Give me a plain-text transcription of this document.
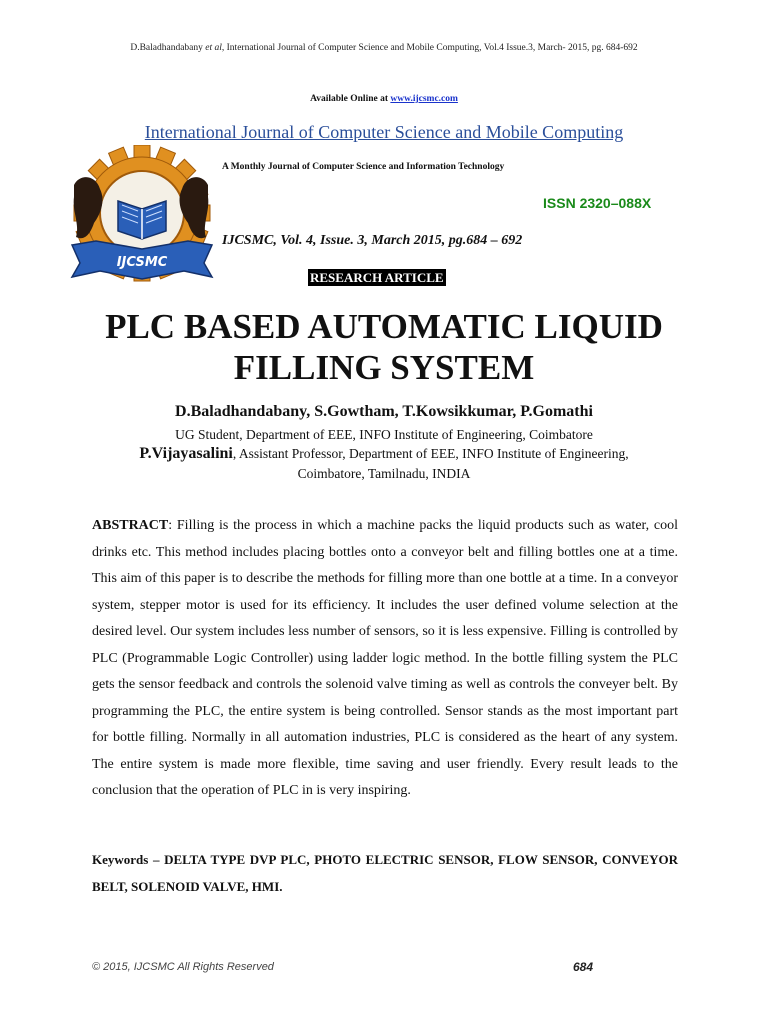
D.Baladhandabany et al, International Journal of Computer Science and Mobile Computing, Vol.4 Issue.3, March- 2015, pg. 684-692
Available Online at www.ijcsmc.com
International Journal of Computer Science and Mobile Computing
IJCSMC
A Monthly Journal of Computer Science and Information Technology
ISSN 2320–088X
IJCSMC, Vol. 4, Issue. 3, March 2015, pg.684 – 692
RESEARCH ARTICLE
PLC BASED AUTOMATIC LIQUID
FILLING SYSTEM
D.Baladhandabany, S.Gowtham, T.Kowsikkumar, P.Gomathi
UG Student, Department of EEE, INFO Institute of Engineering, Coimbatore
P.Vijayasalini, Assistant Professor, Department of EEE, INFO Institute of Engineering,
Coimbatore, Tamilnadu, INDIA
ABSTRACT: Filling is the process in which a machine packs the liquid products such as water, cool drinks etc. This method includes placing bottles onto a conveyor belt and filling bottles one at a time. This aim of this paper is to describe the methods for filling more than one bottle at a time. In a conveyor system, stepper motor is used for its efficiency. It includes the user defined volume selection at the desired level. Our system includes less number of sensors, so it is less expensive. Filling is controlled by PLC (Programmable Logic Controller) using ladder logic method. In the bottle filling system the PLC gets the sensor feedback and controls the solenoid valve timing as well as controls the conveyer belt. By programming the PLC, the entire system is being controlled. Sensor stands as the most important part for bottle filling. Normally in all automation industries, PLC is considered as the heart of any system. The entire system is made more flexible, time saving and user friendly. Every result leads to the conclusion that the operation of PLC in is very inspiring.
Keywords – DELTA TYPE DVP PLC, PHOTO ELECTRIC SENSOR, FLOW SENSOR, CONVEYOR BELT, SOLENOID VALVE, HMI.
© 2015, IJCSMC All Rights Reserved	684
